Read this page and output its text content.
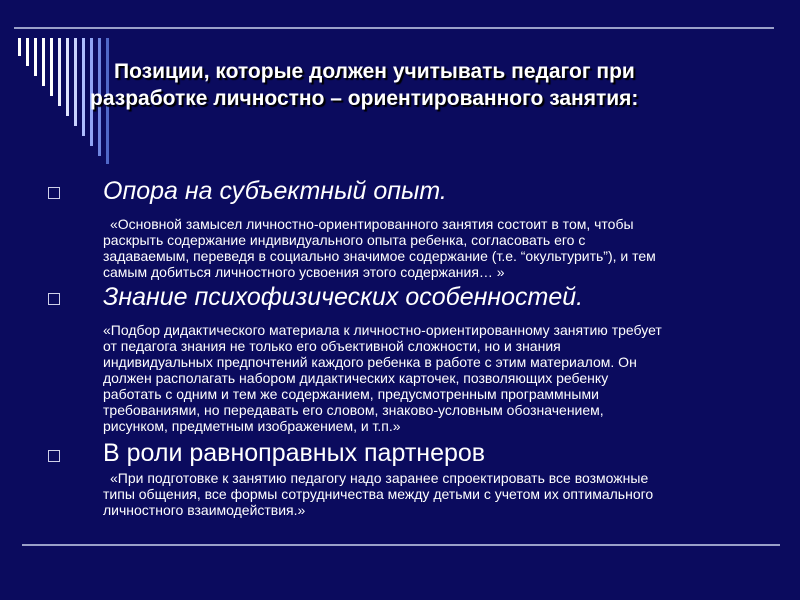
Позиции, которые должен учитывать педагог при
разработке личностно – ориентированного занятия:
Опора на субъектный опыт.
«Основной замысел личностно-ориентированного занятия состоит в том, чтобы
раскрыть содержание индивидуального опыта ребенка, согласовать его с
задаваемым, переведя в социально значимое содержание (т.е. “окультурить”), и тем
самым добиться личностного усвоения этого содержания… »
Знание психофизических особенностей.
«Подбор дидактического материала к личностно-ориентированному занятию требует
от педагога знания не только его объективной сложности, но и знания
индивидуальных предпочтений каждого ребенка в работе с этим материалом. Он
должен располагать набором дидактических карточек, позволяющих ребенку
работать с одним и тем же содержанием, предусмотренным программными
требованиями, но передавать его словом, знаково-условным обозначением,
рисунком, предметным изображением, и т.п.»
В роли равноправных партнеров
«При подготовке к занятию педагогу надо заранее спроектировать все возможные
типы общения, все формы сотрудничества между детьми с учетом их оптимального
личностного взаимодействия.»
